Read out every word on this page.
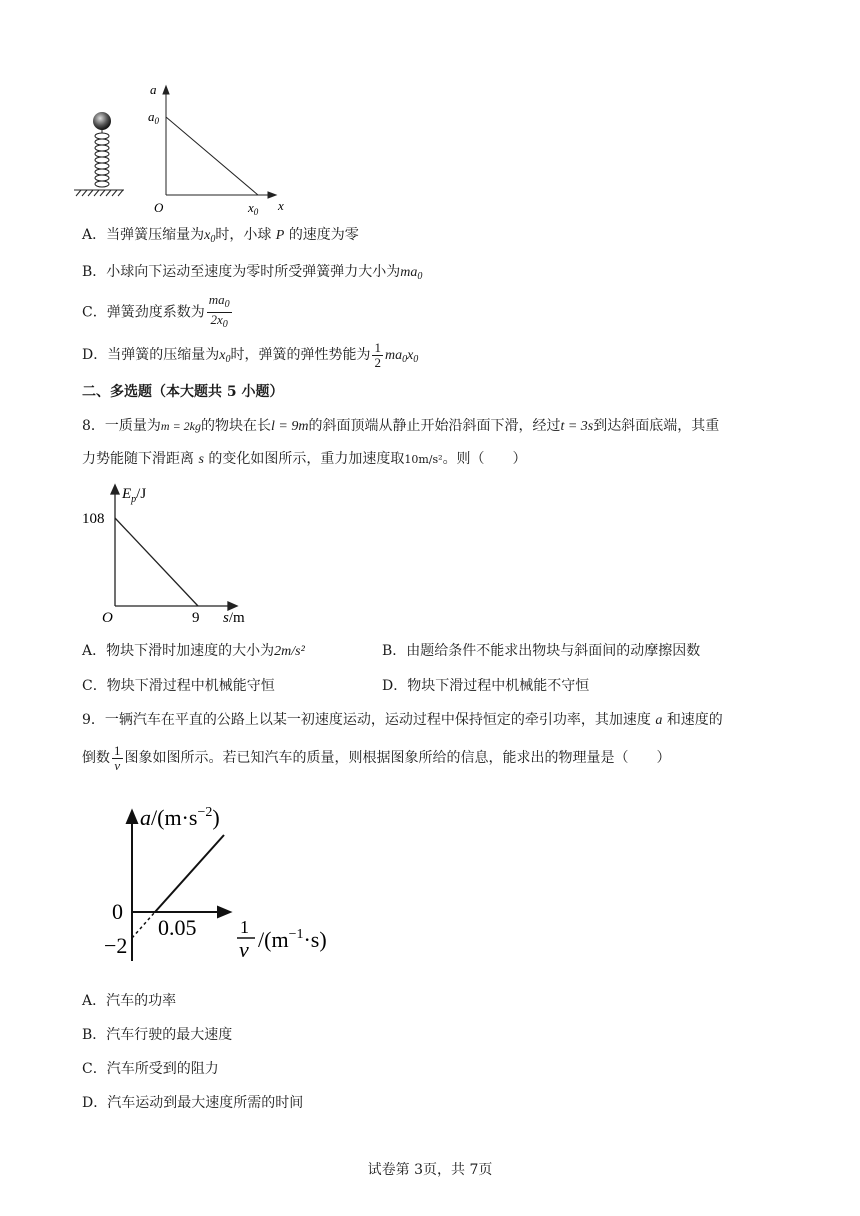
a
$a_0$
O	$x_0$ x
A．当弹簧压缩量为$x_0$时，小球 P 的速度为零
B．小球向下运动至速度为零时所受弹簧弹力大小为$ma_0$
C．弹簧劲度系数为 $\frac{ma_0}{2x_0}$
D．当弹簧的压缩量为$x_0$时，弹簧的弹性势能为 $\frac{1}{2} ma_0x_0$
二、多选题（本大题共 5 小题）
8．一质量为m = 2kg的物块在长l = 9m的斜面顶端从静止开始沿斜面下滑，经过t = 3s到达斜面底端，其重
力势能随下滑距离 s 的变化如图所示，重力加速度取10m/s²。则（　　）
$E_p/J$
108
O	9 s/m
A．物块下滑时加速度的大小为2m/s²	B．由题给条件不能求出物块与斜面间的动摩擦因数
C．物块下滑过程中机械能守恒	D．物块下滑过程中机械能不守恒
9．一辆汽车在平直的公路上以某一初速度运动，运动过程中保持恒定的牵引功率，其加速度 a 和速度的
倒数 $\frac{1}{v}$ 图象如图所示。若已知汽车的质量，则根据图象所给的信息，能求出的物理量是（　　）
$a/(m\cdot s^{-2})$
0
−2
0.05 1
v $/(m^{-1}\cdot s)$
A．汽车的功率
B．汽车行驶的最大速度
C．汽车所受到的阻力
D．汽车运动到最大速度所需的时间
试卷第 3页，共 7页
